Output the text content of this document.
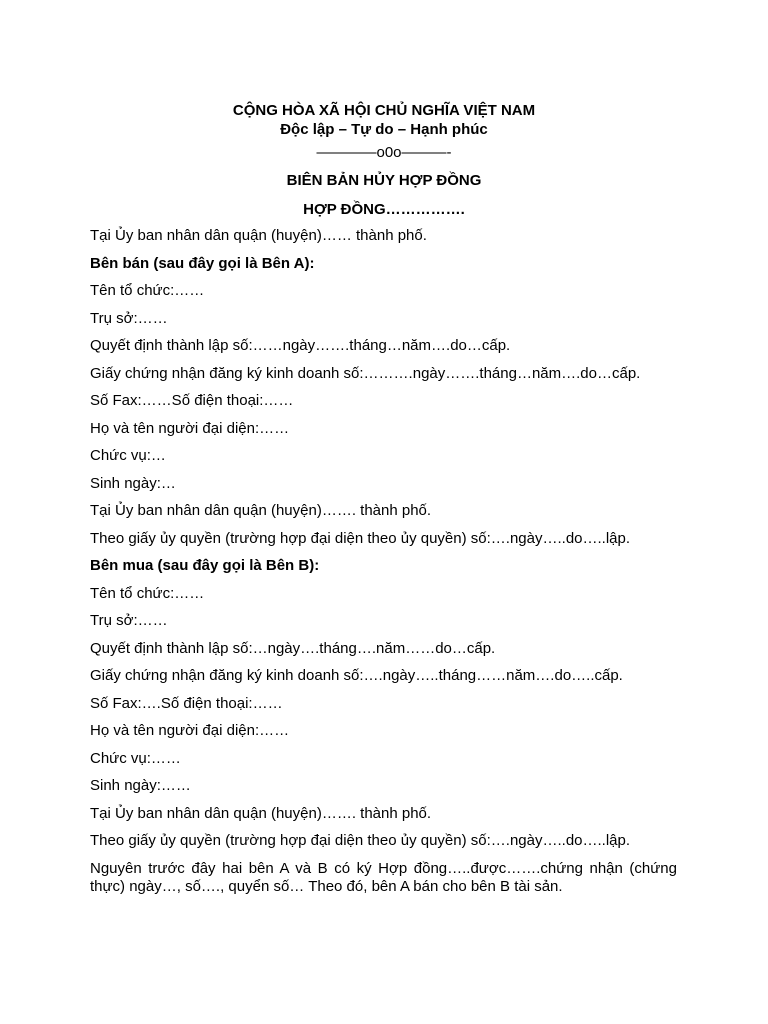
CỘNG HÒA XÃ HỘI CHỦ NGHĨA VIỆT NAM
Độc lập – Tự do – Hạnh phúc
————o0o———-
BIÊN BẢN HỦY HỢP ĐỒNG
HỢP ĐỒNG…………….
Tại Ủy ban nhân dân quận (huyện)…… thành phố.
Bên bán (sau đây gọi là Bên A):
Tên tổ chức:……
Trụ sở:……
Quyết định thành lập số:……ngày…….tháng…năm….do…cấp.
Giấy chứng nhận đăng ký kinh doanh số:……….ngày…….tháng…năm….do…cấp.
Số Fax:……Số điện thoại:……
Họ và tên người đại diện:……
Chức vụ:…
Sinh ngày:…
Tại Ủy ban nhân dân quận (huyện)……. thành phố.
Theo giấy ủy quyền (trường hợp đại diện theo ủy quyền) số:….ngày…..do…..lập.
Bên mua (sau đây gọi là Bên B):
Tên tổ chức:……
Trụ sở:……
Quyết định thành lập số:…ngày….tháng….năm……do…cấp.
Giấy chứng nhận đăng ký kinh doanh số:….ngày…..tháng……năm….do…..cấp.
Số Fax:….Số điện thoại:……
Họ và tên người đại diện:……
Chức vụ:……
Sinh ngày:……
Tại Ủy ban nhân dân quận (huyện)……. thành phố.
Theo giấy ủy quyền (trường hợp đại diện theo ủy quyền) số:….ngày…..do…..lập.
Nguyên trước đây hai bên A và B có ký Hợp đồng…..được…….chứng nhận (chứng thực) ngày…, số…., quyển số… Theo đó, bên A bán cho bên B tài sản.
